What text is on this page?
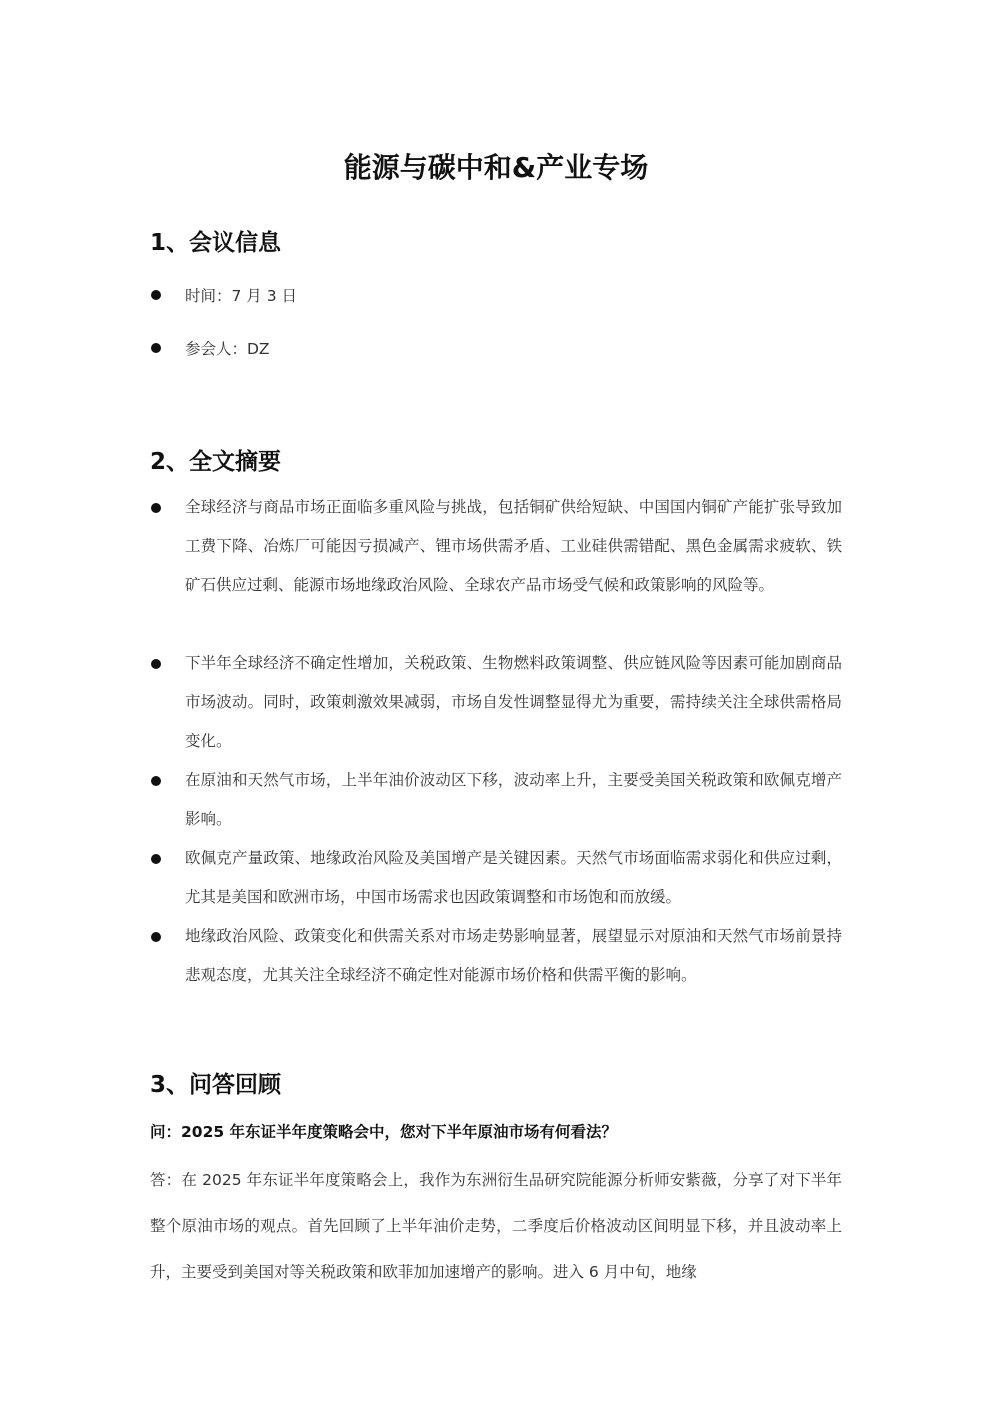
能源与碳中和&产业专场
1、会议信息
时间：7 月 3 日
参会人：DZ
2、全文摘要
全球经济与商品市场正面临多重风险与挑战，包括铜矿供给短缺、中国国内铜矿产能扩张导致加工费下降、冶炼厂可能因亏损减产、锂市场供需矛盾、工业硅供需错配、黑色金属需求疲软、铁矿石供应过剩、能源市场地缘政治风险、全球农产品市场受气候和政策影响的风险等。
下半年全球经济不确定性增加，关税政策、生物燃料政策调整、供应链风险等因素可能加剧商品市场波动。同时，政策刺激效果减弱，市场自发性调整显得尤为重要，需持续关注全球供需格局变化。
在原油和天然气市场，上半年油价波动区下移，波动率上升，主要受美国关税政策和欧佩克增产影响。
欧佩克产量政策、地缘政治风险及美国增产是关键因素。天然气市场面临需求弱化和供应过剩，尤其是美国和欧洲市场，中国市场需求也因政策调整和市场饱和而放缓。
地缘政治风险、政策变化和供需关系对市场走势影响显著，展望显示对原油和天然气市场前景持悲观态度，尤其关注全球经济不确定性对能源市场价格和供需平衡的影响。
3、问答回顾
问：2025 年东证半年度策略会中，您对下半年原油市场有何看法？
答：在 2025 年东证半年度策略会上，我作为东洲衍生品研究院能源分析师安紫薇，分享了对下半年整个原油市场的观点。首先回顾了上半年油价走势，二季度后价格波动区间明显下移，并且波动率上升，主要受到美国对等关税政策和欧菲加加速增产的影响。进入 6 月中旬，地缘
